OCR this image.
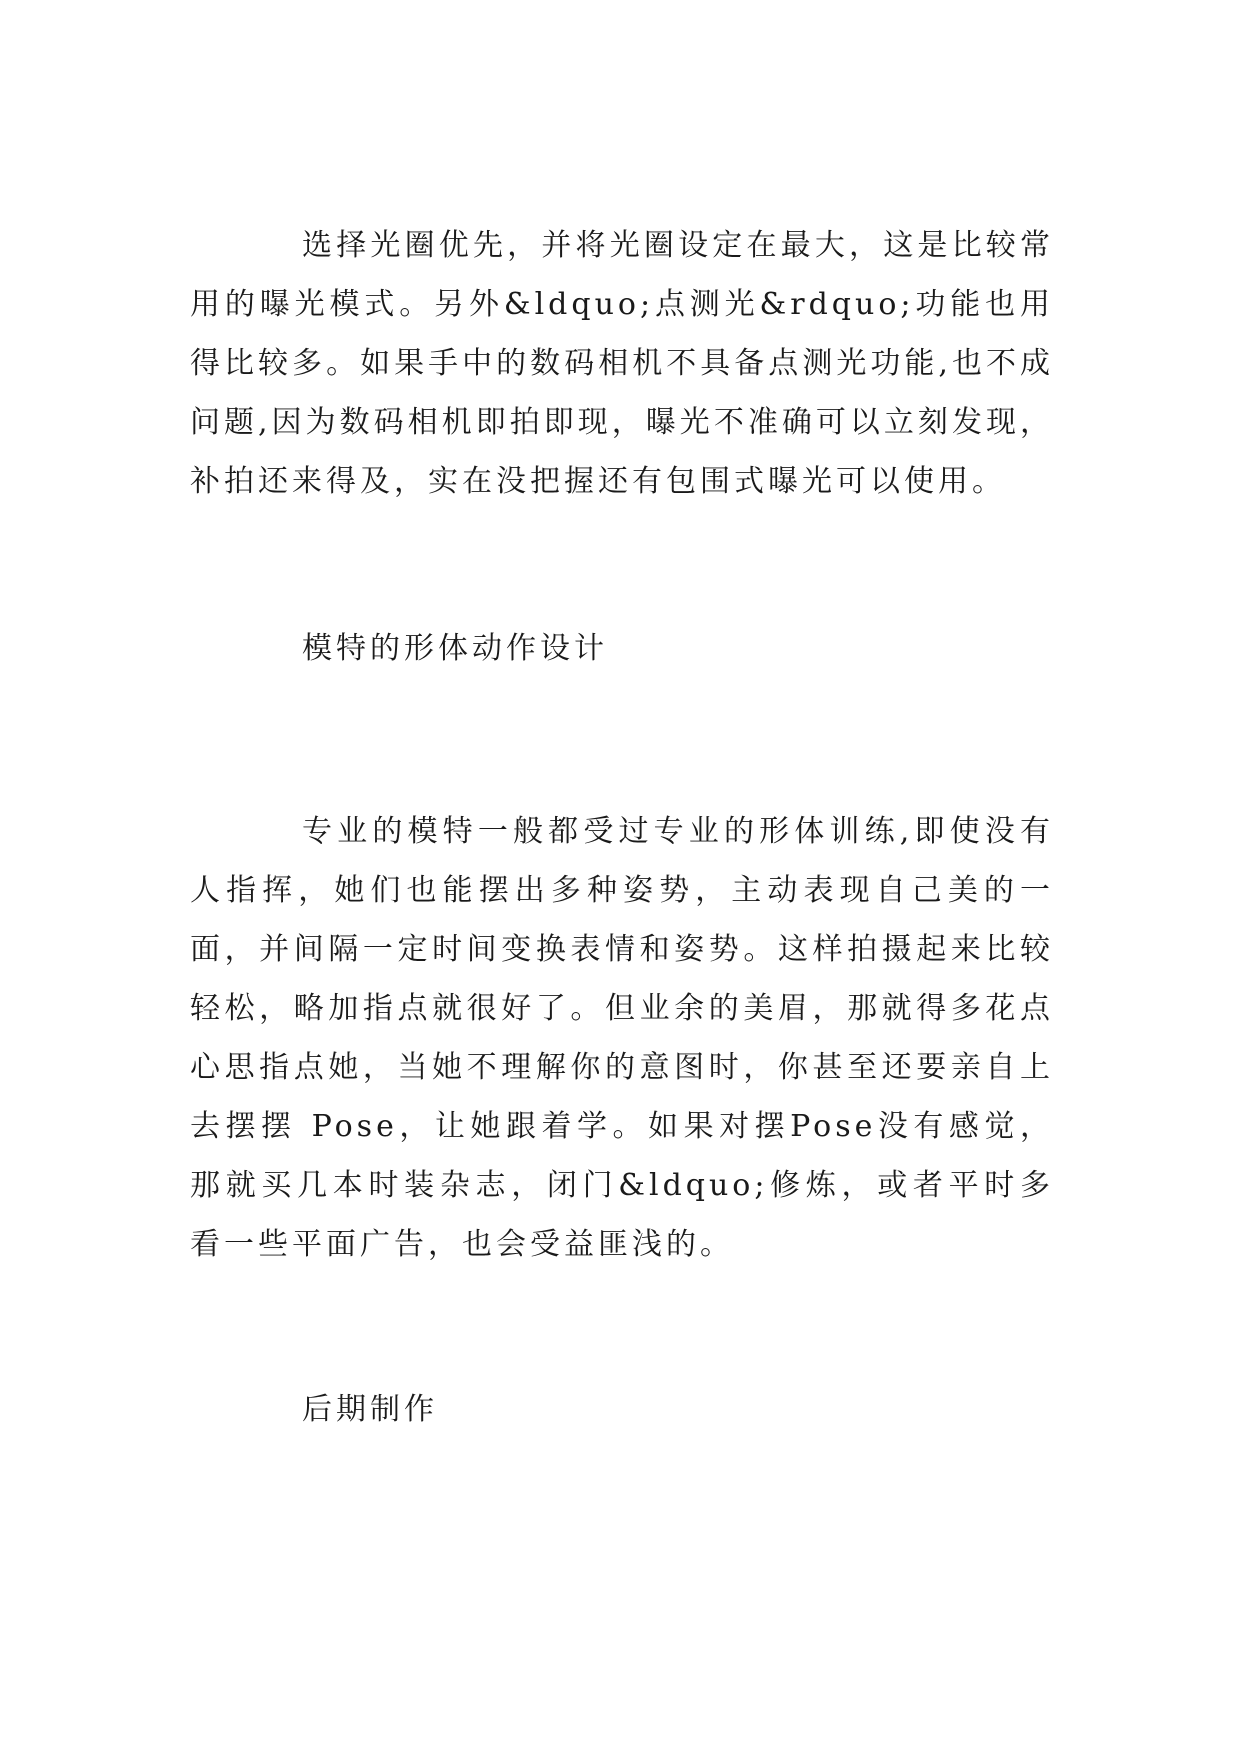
选择光圈优先，并将光圈设定在最大，这是比较常用的曝光模式。另外&ldquo;点测光&rdquo;功能也用得比较多。如果手中的数码相机不具备点测光功能,也不成问题,因为数码相机即拍即现，曝光不准确可以立刻发现，补拍还来得及，实在没把握还有包围式曝光可以使用。

模特的形体动作设计

专业的模特一般都受过专业的形体训练,即使没有人指挥，她们也能摆出多种姿势，主动表现自己美的一面，并间隔一定时间变换表情和姿势。这样拍摄起来比较轻松，略加指点就很好了。但业余的美眉，那就得多花点心思指点她，当她不理解你的意图时，你甚至还要亲自上去摆摆 Pose，让她跟着学。如果对摆Pose没有感觉，那就买几本时装杂志，闭门&ldquo;修炼，或者平时多看一些平面广告，也会受益匪浅的。

后期制作
